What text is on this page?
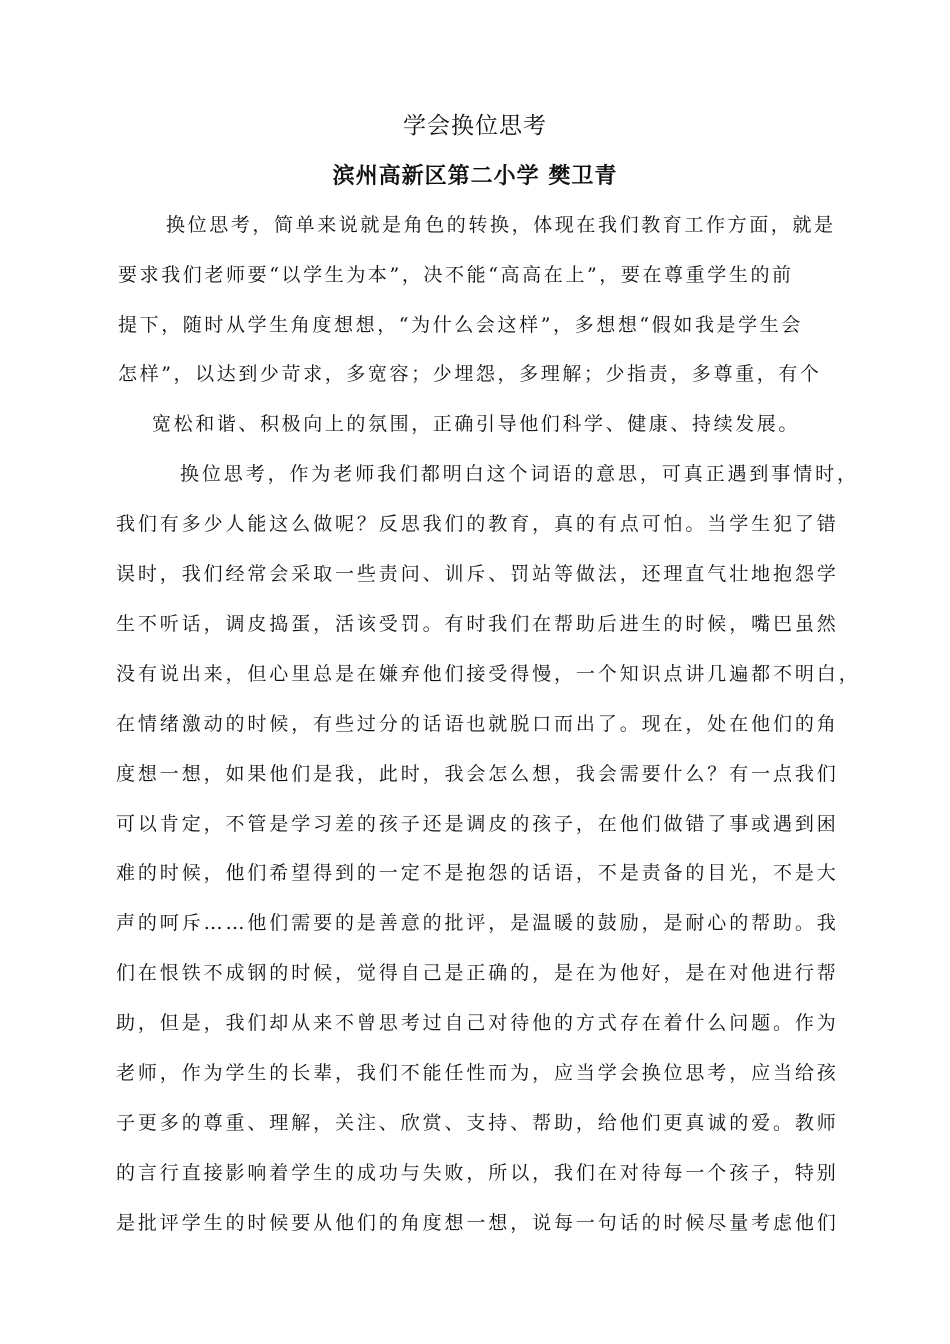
学会换位思考
滨州高新区第二小学 樊卫青
换位思考，简单来说就是角色的转换，体现在我们教育工作方面，就是
要求我们老师要“以学生为本”，决不能“高高在上”，要在尊重学生的前
提下，随时从学生角度想想，“为什么会这样”，多想想“假如我是学生会
怎样”，以达到少苛求，多宽容；少埋怨，多理解；少指责，多尊重，有个
宽松和谐、积极向上的氛围，正确引导他们科学、健康、持续发展。
换位思考，作为老师我们都明白这个词语的意思，可真正遇到事情时，
我们有多少人能这么做呢？反思我们的教育，真的有点可怕。当学生犯了错
误时，我们经常会采取一些责问、训斥、罚站等做法，还理直气壮地抱怨学
生不听话，调皮捣蛋，活该受罚。有时我们在帮助后进生的时候，嘴巴虽然
没有说出来，但心里总是在嫌弃他们接受得慢，一个知识点讲几遍都不明白，
在情绪激动的时候，有些过分的话语也就脱口而出了。现在，处在他们的角
度想一想，如果他们是我，此时，我会怎么想，我会需要什么？有一点我们
可以肯定，不管是学习差的孩子还是调皮的孩子，在他们做错了事或遇到困
难的时候，他们希望得到的一定不是抱怨的话语，不是责备的目光，不是大
声的呵斥……他们需要的是善意的批评，是温暖的鼓励，是耐心的帮助。我
们在恨铁不成钢的时候，觉得自己是正确的，是在为他好，是在对他进行帮
助，但是，我们却从来不曾思考过自己对待他的方式存在着什么问题。作为
老师，作为学生的长辈，我们不能任性而为，应当学会换位思考，应当给孩
子更多的尊重、理解，关注、欣赏、支持、帮助，给他们更真诚的爱。教师
的言行直接影响着学生的成功与失败，所以，我们在对待每一个孩子，特别
是批评学生的时候要从他们的角度想一想，说每一句话的时候尽量考虑他们
